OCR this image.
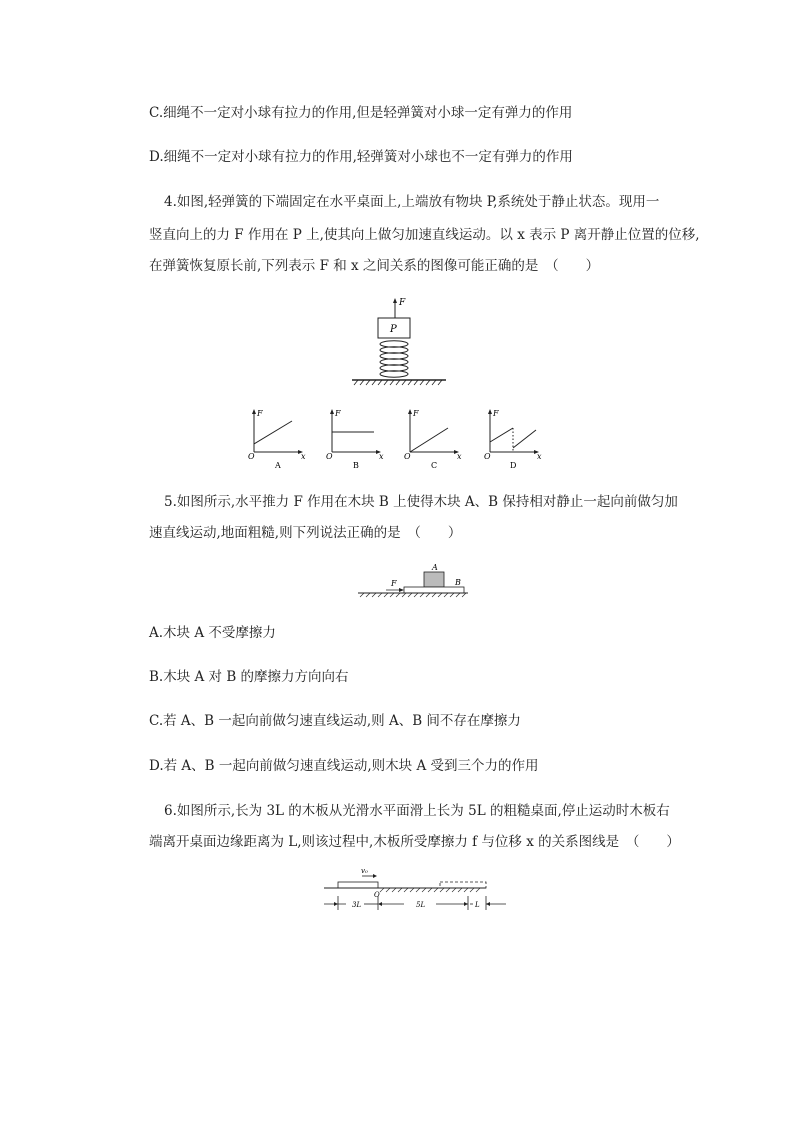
C.细绳不一定对小球有拉力的作用,但是轻弹簧对小球一定有弹力的作用
D.细绳不一定对小球有拉力的作用,轻弹簧对小球也不一定有弹力的作用
4.如图,轻弹簧的下端固定在水平桌面上,上端放有物块 P,系统处于静止状态。现用一
竖直向上的力 F 作用在 P 上,使其向上做匀加速直线运动。以 x 表示 P 离开静止位置的位移,
在弹簧恢复原长前,下列表示 F 和 x 之间关系的图像可能正确的是　（　　）
F
P
F
O	x
A
F
O	x
B
F
O	x
C
F
O	x
D
5.如图所示,水平推力 F 作用在木块 B 上使得木块 A、B 保持相对静止一起向前做匀加
速直线运动,地面粗糙,则下列说法正确的是　（　　）
A
B
F
A.木块 A 不受摩擦力
B.木块 A 对 B 的摩擦力方向向右
C.若 A、B 一起向前做匀速直线运动,则 A、B 间不存在摩擦力
D.若 A、B 一起向前做匀速直线运动,则木块 A 受到三个力的作用
6.如图所示,长为 3L 的木板从光滑水平面滑上长为 5L 的粗糙桌面,停止运动时木板右
端离开桌面边缘距离为 L,则该过程中,木板所受摩擦力 f 与位移 x 的关系图线是　（　　）
v₀
O
3L	5L	L
